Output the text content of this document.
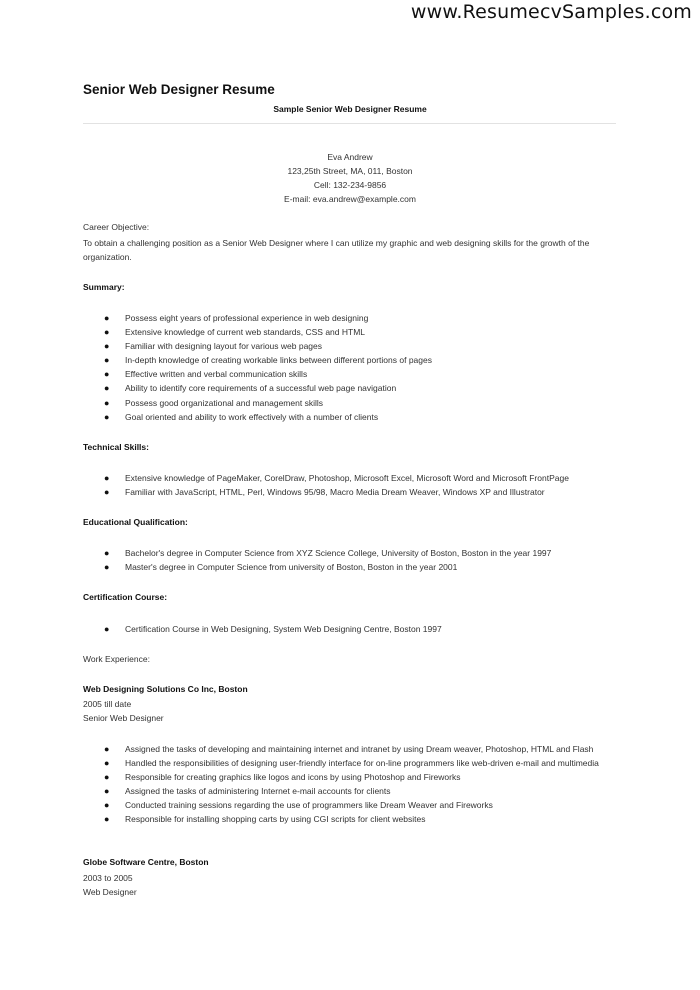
www.ResumecvSamples.com
Senior Web Designer Resume
Sample Senior Web Designer Resume
Eva Andrew
123,25th Street, MA, 011, Boston
Cell: 132-234-9856
E-mail: eva.andrew@example.com
Career Objective:
To obtain a challenging position as a Senior Web Designer where I can utilize my graphic and web designing skills for the growth of the organization.
Summary:
● Possess eight years of professional experience in web designing
● Extensive knowledge of current web standards, CSS and HTML
● Familiar with designing layout for various web pages
● In-depth knowledge of creating workable links between different portions of pages
● Effective written and verbal communication skills
● Ability to identify core requirements of a successful web page navigation
● Possess good organizational and management skills
● Goal oriented and ability to work effectively with a number of clients
Technical Skills:
● Extensive knowledge of PageMaker, CorelDraw, Photoshop, Microsoft Excel, Microsoft Word and Microsoft FrontPage
● Familiar with JavaScript, HTML, Perl, Windows 95/98, Macro Media Dream Weaver, Windows XP and Illustrator
Educational Qualification:
● Bachelor's degree in Computer Science from XYZ Science College, University of Boston, Boston in the year 1997
● Master's degree in Computer Science from university of Boston, Boston in the year 2001
Certification Course:
● Certification Course in Web Designing, System Web Designing Centre, Boston 1997
Work Experience:
Web Designing Solutions Co Inc, Boston
2005 till date
Senior Web Designer
● Assigned the tasks of developing and maintaining internet and intranet by using Dream weaver, Photoshop, HTML and Flash
● Handled the responsibilities of designing user-friendly interface for on-line programmers like web-driven e-mail and multimedia
● Responsible for creating graphics like logos and icons by using Photoshop and Fireworks
● Assigned the tasks of administering Internet e-mail accounts for clients
● Conducted training sessions regarding the use of programmers like Dream Weaver and Fireworks
● Responsible for installing shopping carts by using CGI scripts for client websites
Globe Software Centre, Boston
2003 to 2005
Web Designer
